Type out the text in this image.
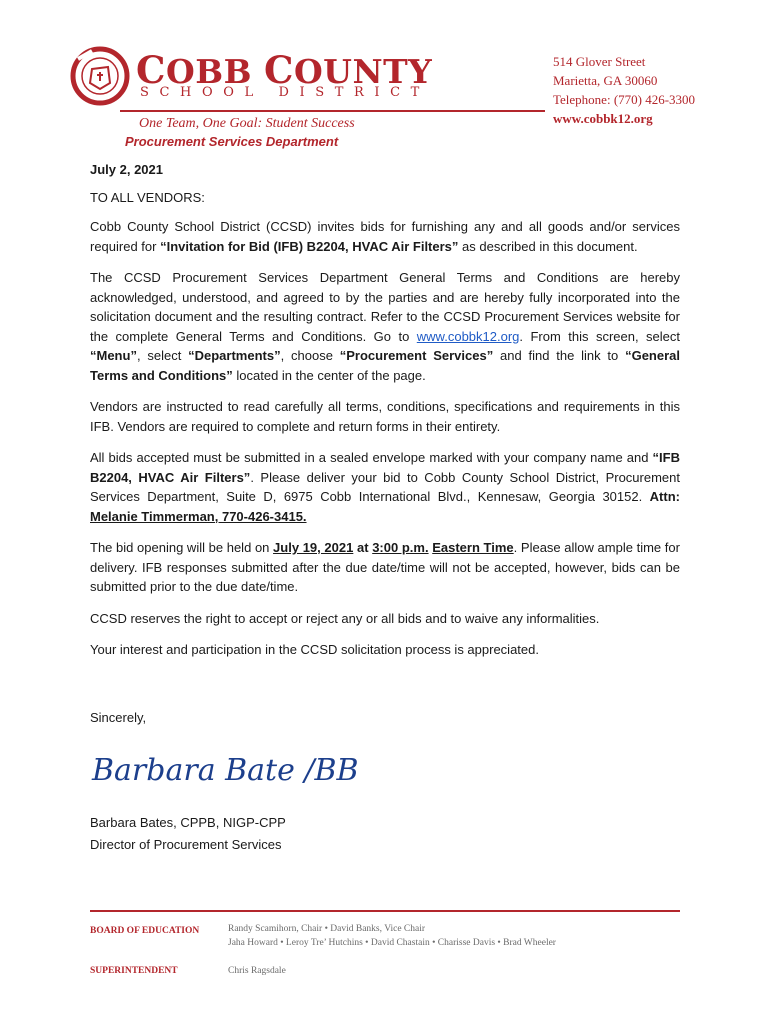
COBB COUNTY
SCHOOL DISTRICT
One Team, One Goal: Student Success
Procurement Services Department
514 Glover Street
Marietta, GA 30060
Telephone: (770) 426-3300
www.cobbk12.org

July 2, 2021

TO ALL VENDORS:

Cobb County School District (CCSD) invites bids for furnishing any and all goods and/or services required for “Invitation for Bid (IFB) B2204, HVAC Air Filters” as described in this document.

The CCSD Procurement Services Department General Terms and Conditions are hereby acknowledged, understood, and agreed to by the parties and are hereby fully incorporated into the solicitation document and the resulting contract. Refer to the CCSD Procurement Services website for the complete General Terms and Conditions. Go to www.cobbk12.org. From this screen, select “Menu”, select “Departments”, choose “Procurement Services” and find the link to “General Terms and Conditions” located in the center of the page.

Vendors are instructed to read carefully all terms, conditions, specifications and requirements in this IFB. Vendors are required to complete and return forms in their entirety.

All bids accepted must be submitted in a sealed envelope marked with your company name and “IFB B2204, HVAC Air Filters”. Please deliver your bid to Cobb County School District, Procurement Services Department, Suite D, 6975 Cobb International Blvd., Kennesaw, Georgia 30152. Attn: Melanie Timmerman, 770-426-3415.

The bid opening will be held on July 19, 2021 at 3:00 p.m. Eastern Time. Please allow ample time for delivery. IFB responses submitted after the due date/time will not be accepted, however, bids can be submitted prior to the due date/time.

CCSD reserves the right to accept or reject any or all bids and to waive any informalities.

Your interest and participation in the CCSD solicitation process is appreciated.

Sincerely,
Barbara Bate /BB
Barbara Bates, CPPB, NIGP-CPP
Director of Procurement Services
BOARD OF EDUCATION	Randy Scamihorn, Chair • David Banks, Vice Chair
Jaha Howard • Leroy Tre’ Hutchins • David Chastain • Charisse Davis • Brad Wheeler
SUPERINTENDENT	Chris Ragsdale
